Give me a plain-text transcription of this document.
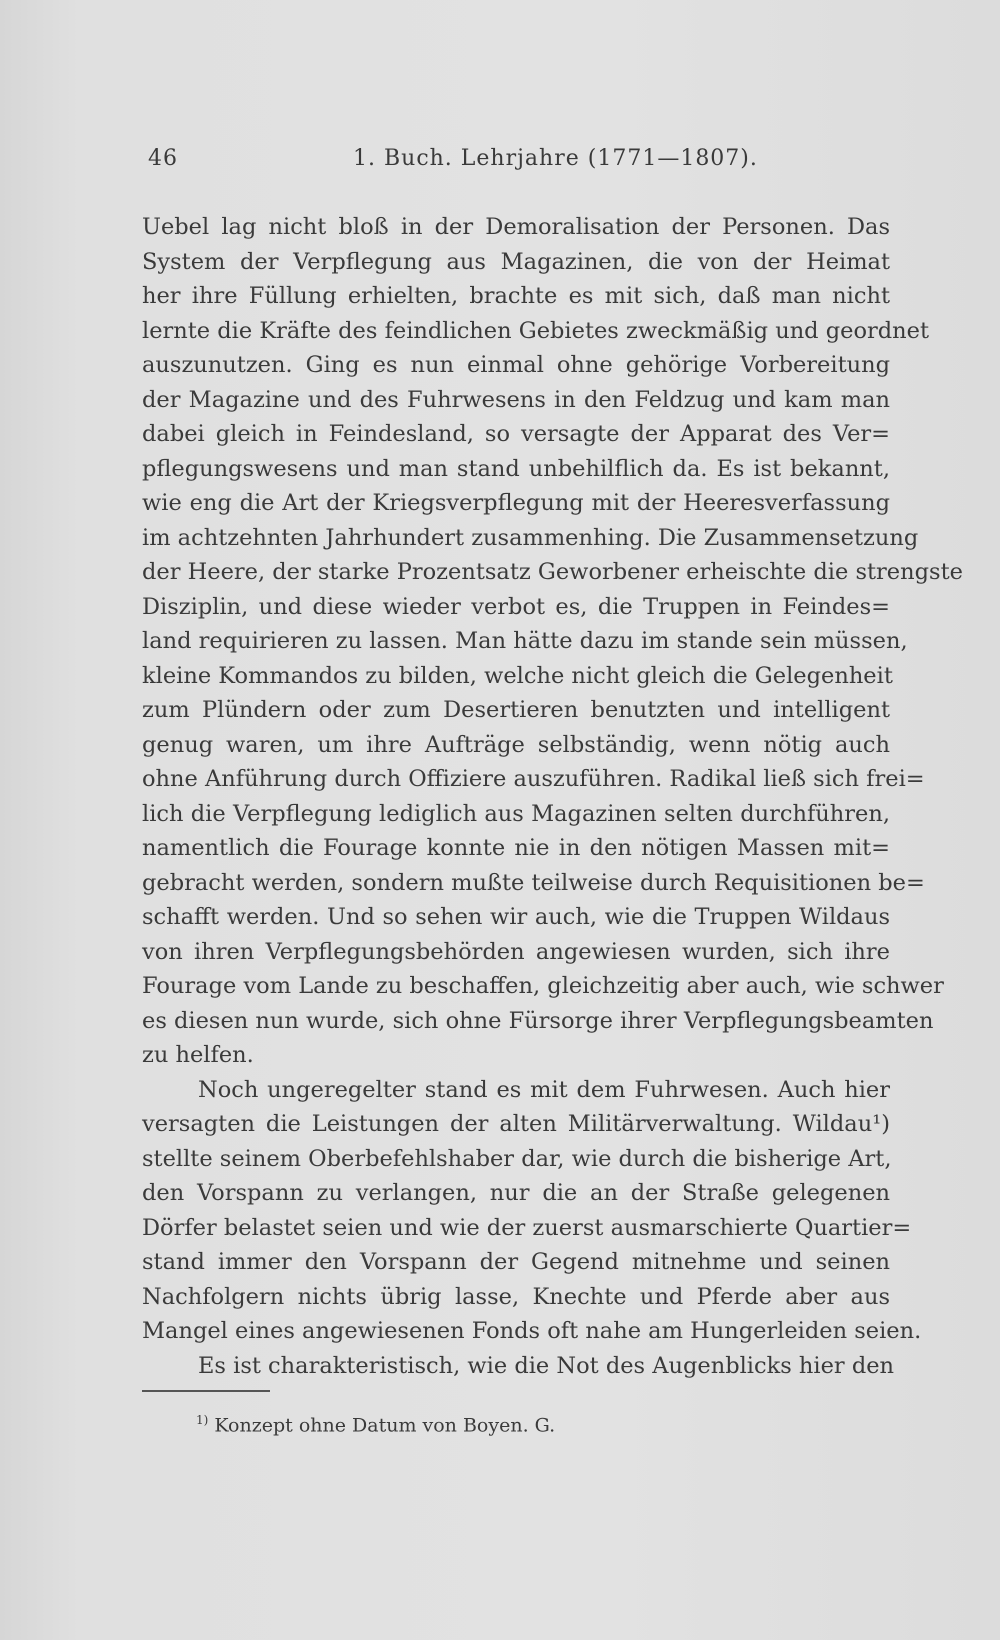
46	1. Buch. Lehrjahre (1771—1807).
Uebel lag nicht bloß in der Demoralisation der Personen. Das
System der Verpflegung aus Magazinen, die von der Heimat
her ihre Füllung erhielten, brachte es mit sich, daß man nicht
lernte die Kräfte des feindlichen Gebietes zweckmäßig und geordnet
auszunutzen. Ging es nun einmal ohne gehörige Vorbereitung
der Magazine und des Fuhrwesens in den Feldzug und kam man
dabei gleich in Feindesland, so versagte der Apparat des Ver=
pflegungswesens und man stand unbehilflich da. Es ist bekannt,
wie eng die Art der Kriegsverpflegung mit der Heeresverfassung
im achtzehnten Jahrhundert zusammenhing. Die Zusammensetzung
der Heere, der starke Prozentsatz Geworbener erheischte die strengste
Disziplin, und diese wieder verbot es, die Truppen in Feindes=
land requirieren zu lassen. Man hätte dazu im stande sein müssen,
kleine Kommandos zu bilden, welche nicht gleich die Gelegenheit
zum Plündern oder zum Desertieren benutzten und intelligent
genug waren, um ihre Aufträge selbständig, wenn nötig auch
ohne Anführung durch Offiziere auszuführen. Radikal ließ sich frei=
lich die Verpflegung lediglich aus Magazinen selten durchführen,
namentlich die Fourage konnte nie in den nötigen Massen mit=
gebracht werden, sondern mußte teilweise durch Requisitionen be=
schafft werden. Und so sehen wir auch, wie die Truppen Wildaus
von ihren Verpflegungsbehörden angewiesen wurden, sich ihre
Fourage vom Lande zu beschaffen, gleichzeitig aber auch, wie schwer
es diesen nun wurde, sich ohne Fürsorge ihrer Verpflegungsbeamten
zu helfen.
Noch ungeregelter stand es mit dem Fuhrwesen. Auch hier
versagten die Leistungen der alten Militärverwaltung. Wildau¹)
stellte seinem Oberbefehlshaber dar, wie durch die bisherige Art,
den Vorspann zu verlangen, nur die an der Straße gelegenen
Dörfer belastet seien und wie der zuerst ausmarschierte Quartier=
stand immer den Vorspann der Gegend mitnehme und seinen
Nachfolgern nichts übrig lasse, Knechte und Pferde aber aus
Mangel eines angewiesenen Fonds oft nahe am Hungerleiden seien.
Es ist charakteristisch, wie die Not des Augenblicks hier den
$^{1)}$ Konzept ohne Datum von Boyen. G.
